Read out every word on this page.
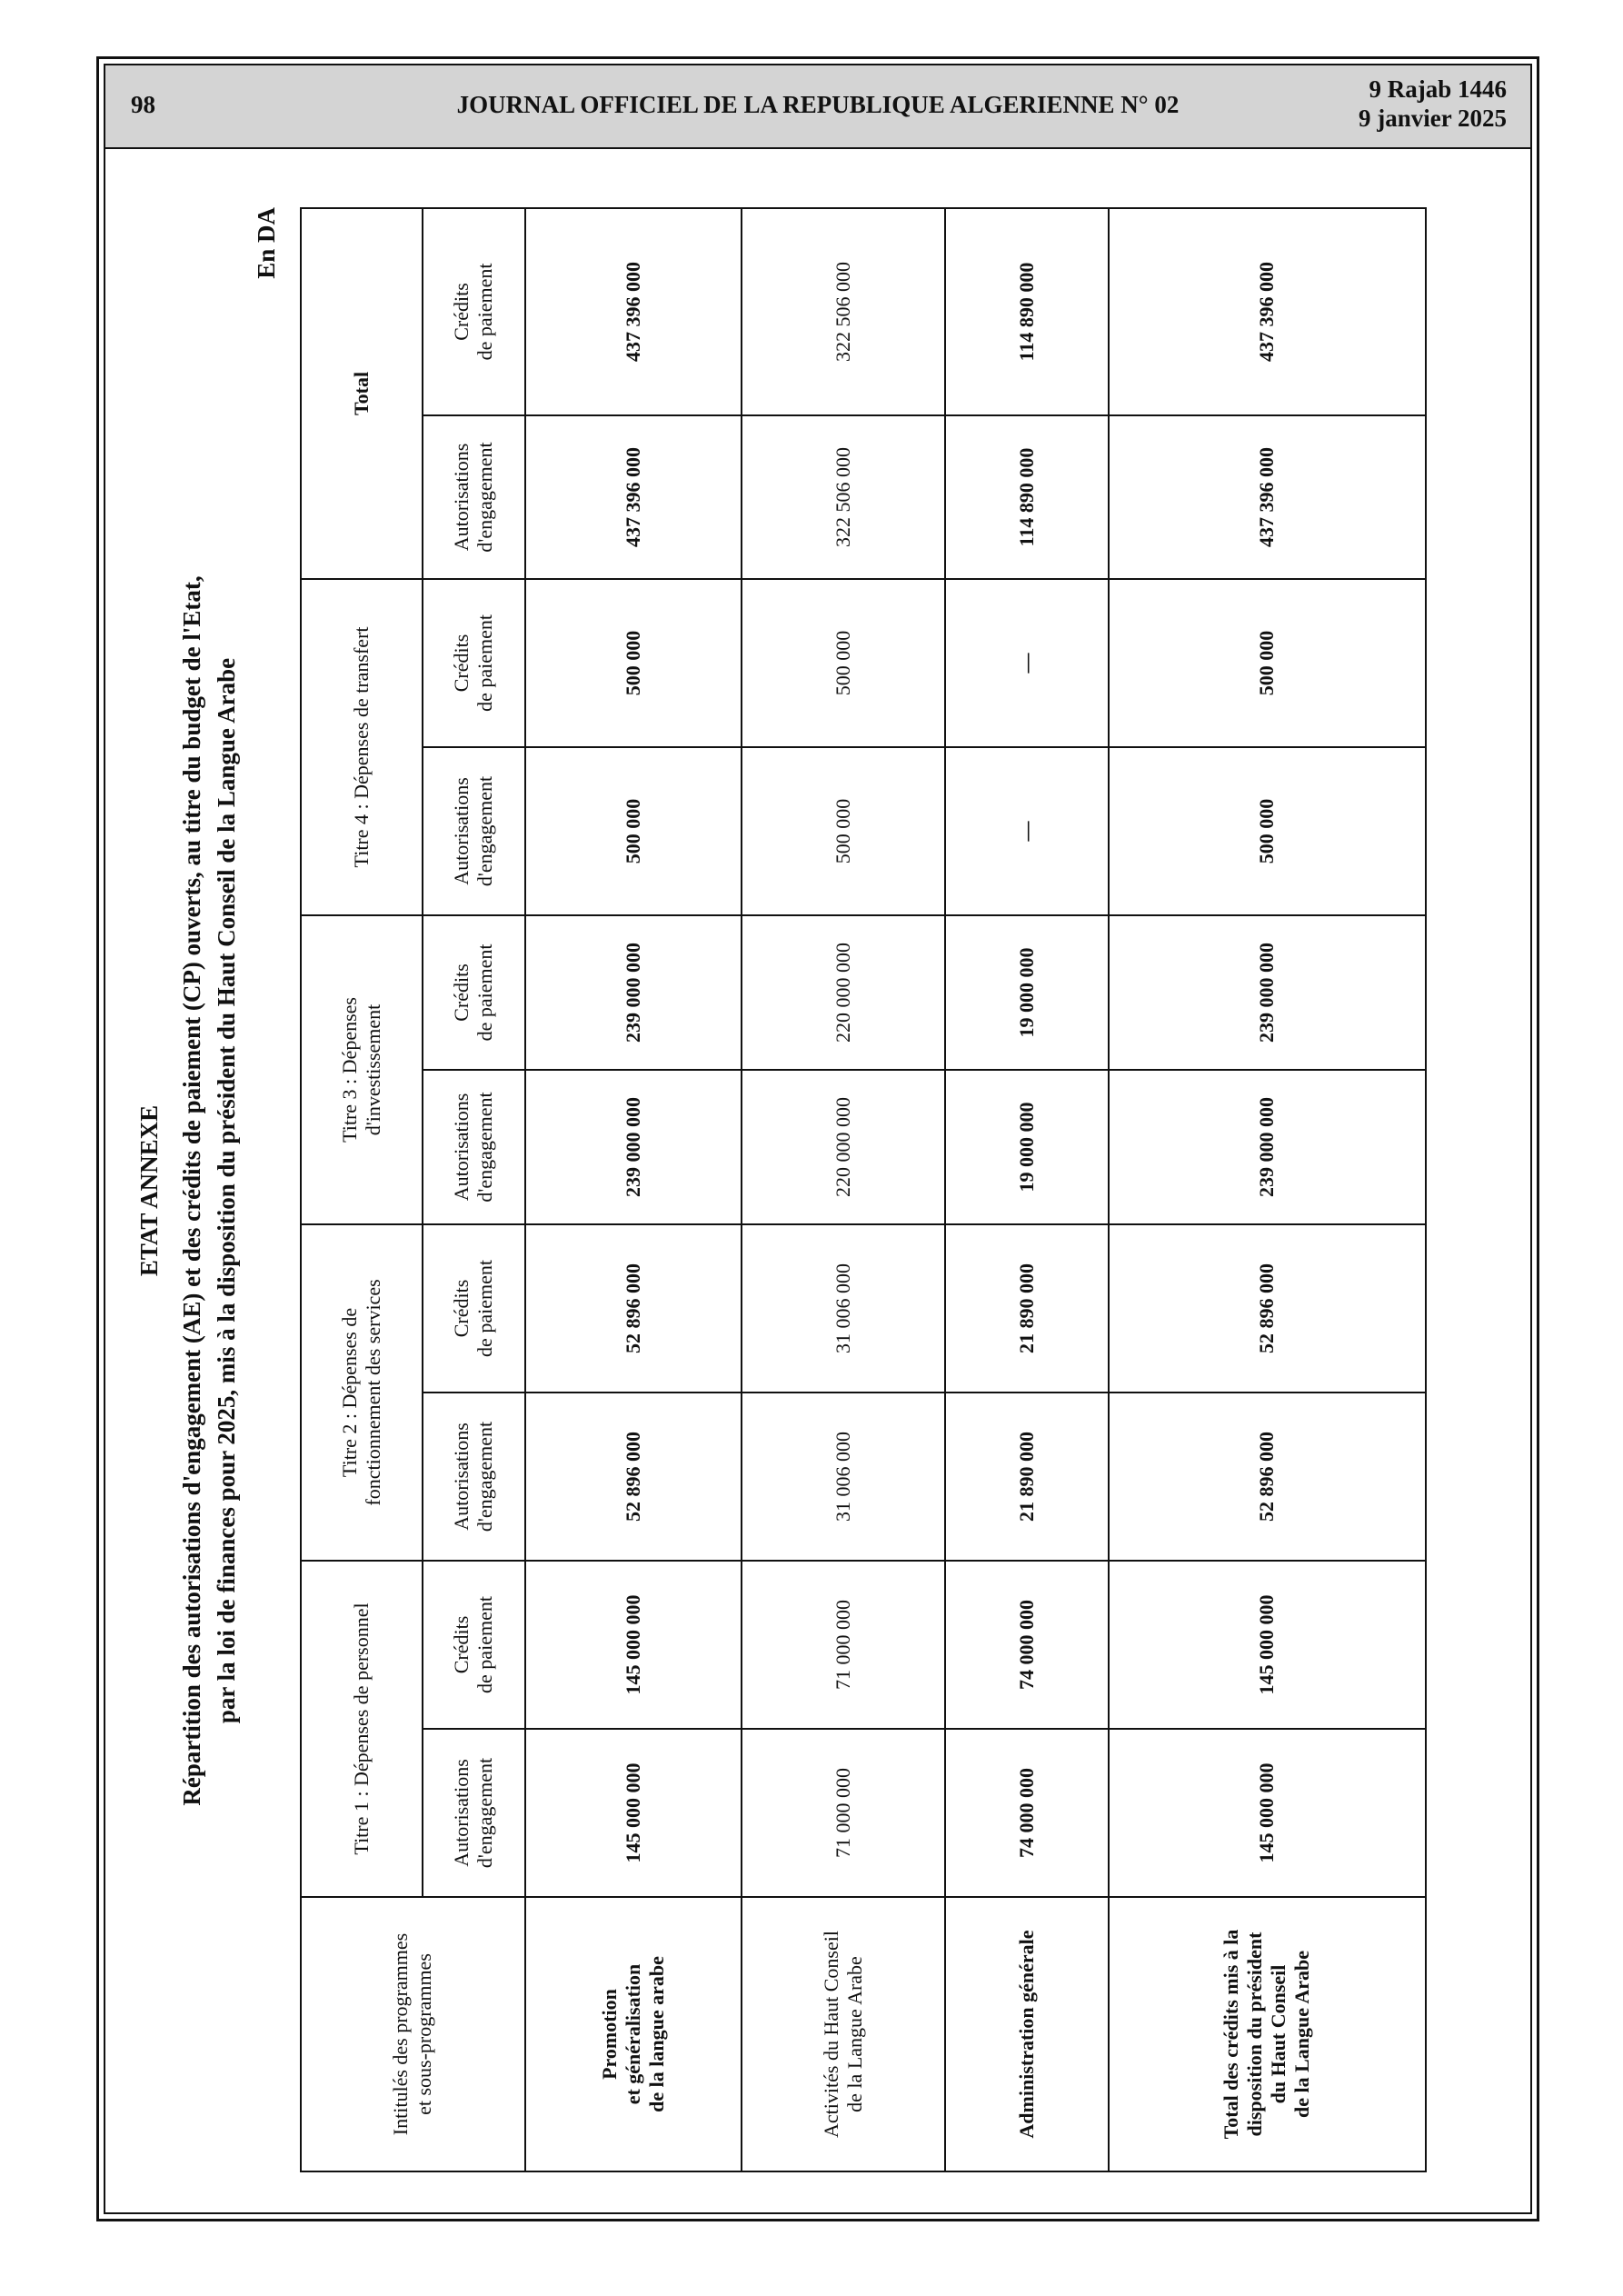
98	JOURNAL OFFICIEL DE LA REPUBLIQUE ALGERIENNE N° 02
9 Rajab 1446
9 janvier 2025
ETAT ANNEXE Répartition des autorisations d'engagement (AE) et des crédits de paiement (CP) ouverts, au titre du budget de l'Etat, par la loi de finances pour 2025, mis à la disposition du président du Haut Conseil de la Langue Arabe
En DA
Intitulés des programmes et sous-programmes	Titre 1 : Dépenses de personnel		Titre 2 : Dépenses de fonctionnement des services		Titre 3 : Dépenses d'investissement		Titre 4 : Dépenses de transfert		Total	

	Autorisations d'engagement	Crédits de paiement	Autorisations d'engagement	Crédits de paiement	Autorisations d'engagement	Crédits de paiement	Autorisations d'engagement	Crédits de paiement	Autorisations d'engagement	Crédits de paiement

Promotion et généralisation de la langue arabe	145 000 000	145 000 000	52 896 000	52 896 000	239 000 000	239 000 000	500 000	500 000	437 396 000	437 396 000

Activités du Haut Conseil de la Langue Arabe	71 000 000	71 000 000	31 006 000	31 006 000	220 000 000	220 000 000	500 000	500 000	322 506 000	322 506 000

Administration générale	74 000 000	74 000 000	21 890 000	21 890 000	19 000 000	19 000 000	—	—	114 890 000	114 890 000

Total des crédits mis à la disposition du président du Haut Conseil de la Langue Arabe	145 000 000	145 000 000	52 896 000	52 896 000	239 000 000	239 000 000	500 000	500 000	437 396 000	437 396 000
